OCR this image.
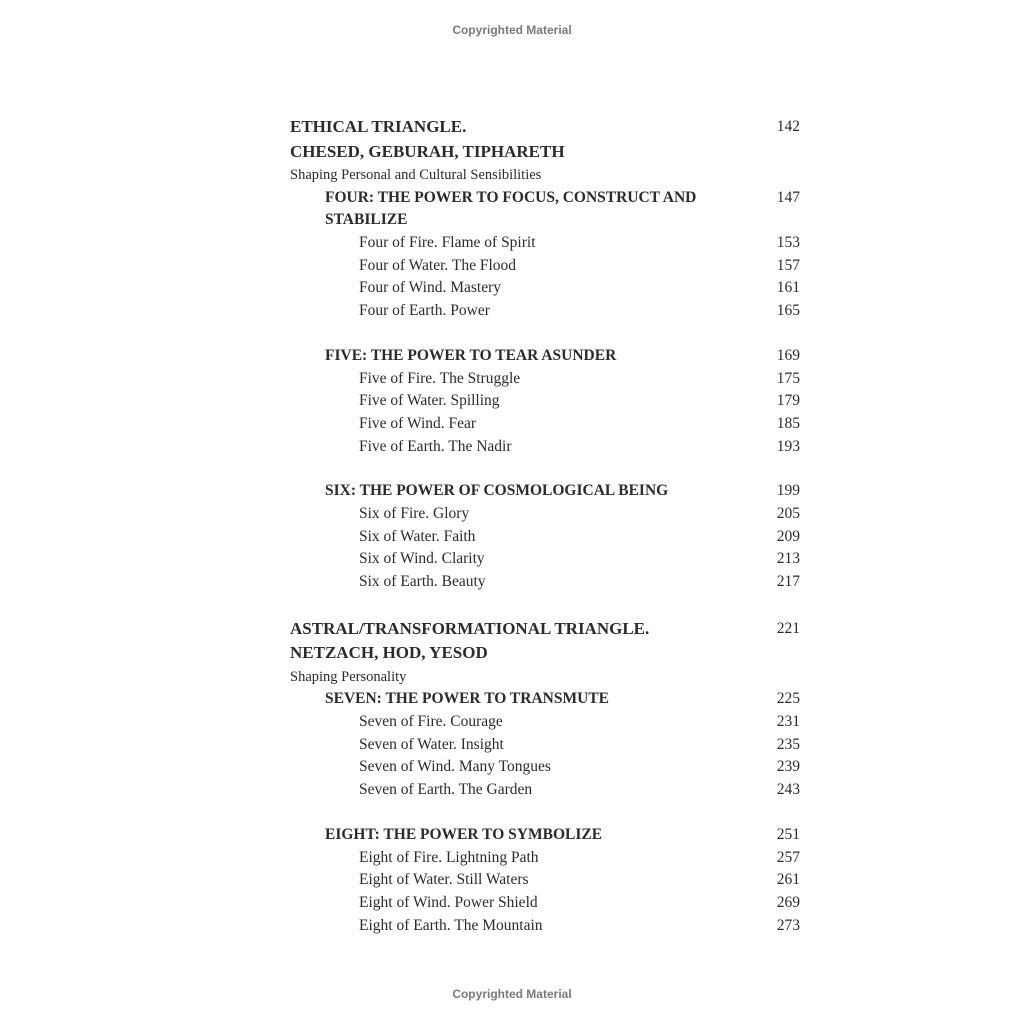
Copyrighted Material
ETHICAL TRIANGLE.	142
CHESED, GEBURAH, TIPHARETH
Shaping Personal and Cultural Sensibilities
FOUR: THE POWER TO FOCUS, CONSTRUCT AND	147
STABILIZE
Four of Fire. Flame of Spirit	153
Four of Water. The Flood	157
Four of Wind. Mastery	161
Four of Earth. Power	165
FIVE: THE POWER TO TEAR ASUNDER	169
Five of Fire. The Struggle	175
Five of Water. Spilling	179
Five of Wind. Fear	185
Five of Earth. The Nadir	193
SIX: THE POWER OF COSMOLOGICAL BEING	199
Six of Fire. Glory	205
Six of Water. Faith	209
Six of Wind. Clarity	213
Six of Earth. Beauty	217
ASTRAL/TRANSFORMATIONAL TRIANGLE.	221
NETZACH, HOD, YESOD
Shaping Personality
SEVEN: THE POWER TO TRANSMUTE	225
Seven of Fire. Courage	231
Seven of Water. Insight	235
Seven of Wind. Many Tongues	239
Seven of Earth. The Garden	243
EIGHT: THE POWER TO SYMBOLIZE	251
Eight of Fire. Lightning Path	257
Eight of Water. Still Waters	261
Eight of Wind. Power Shield	269
Eight of Earth. The Mountain	273
Copyrighted Material
